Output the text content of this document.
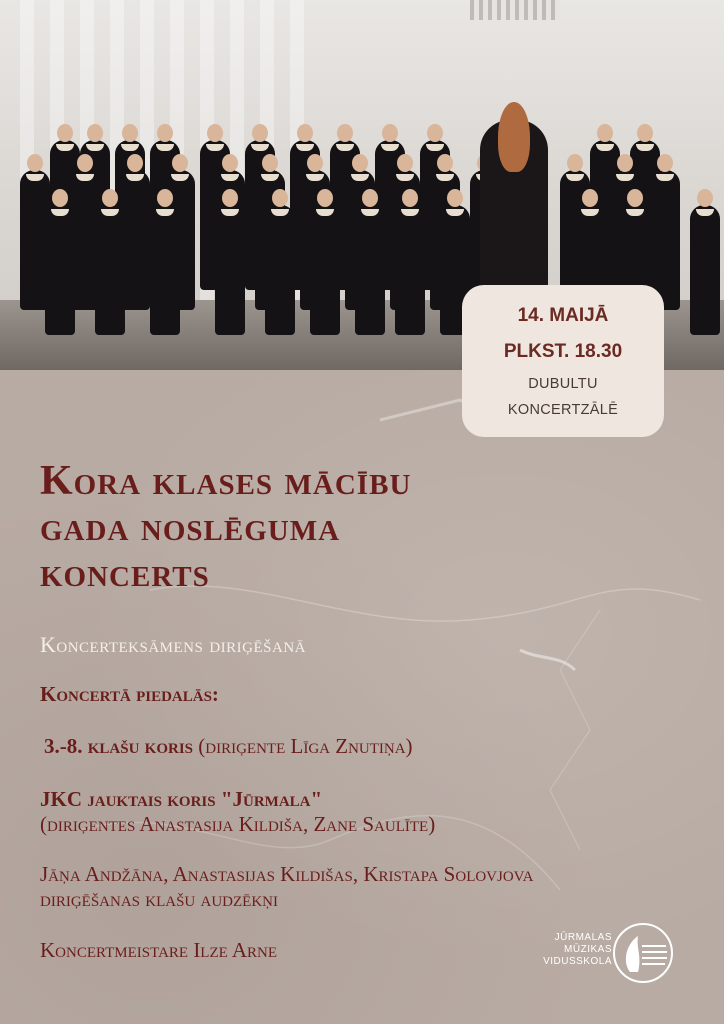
14. MAIJĀ
PLKST. 18.30
DUBULTU
KONCERTZĀLĒ
Kora klases mācību
gada noslēguma
koncerts
Koncerteksāmens diriģēšanā
Koncertā piedalās:
3.-8. klašu koris (diriģente Līga Znutiņa)
JKC jauktais koris "Jūrmala"
(diriģentes Anastasija Kildiša, Zane Saulīte)
Jāņa Andžāna, Anastasijas Kildišas, Kristapa Solovjova
diriģēšanas klašu audzēkņi
Koncertmeistare Ilze Arne
JŪRMALAS
MŪZIKAS
VIDUSSKOLA
